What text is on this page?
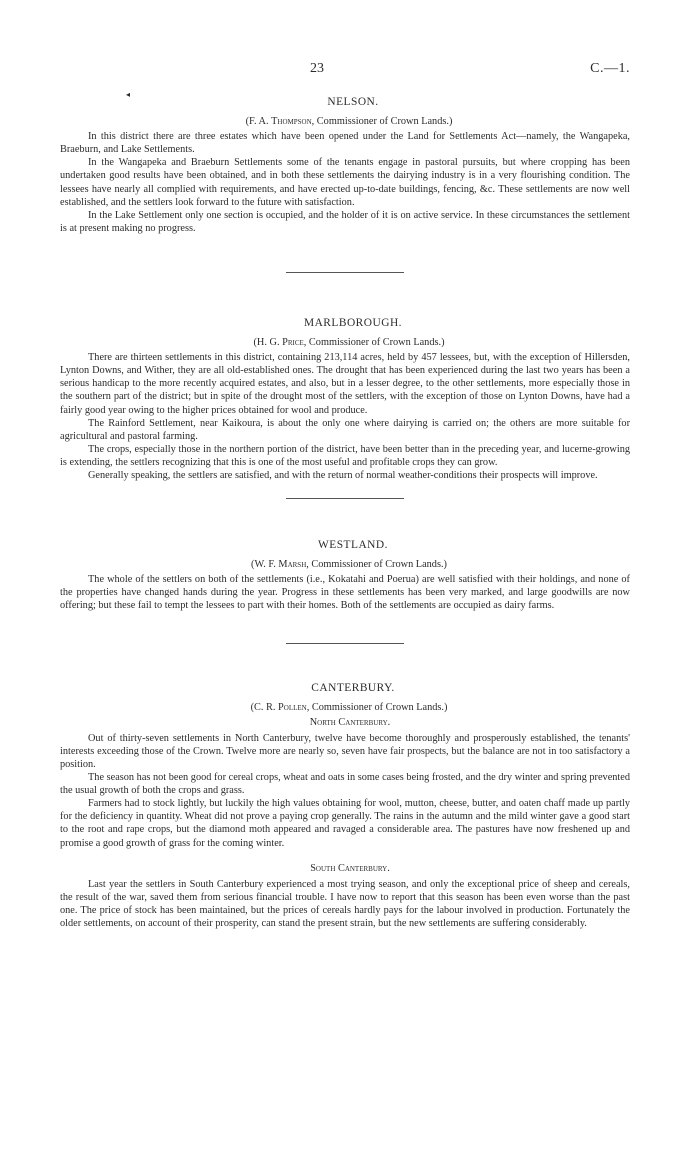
23	C.—1.
◂
NELSON.
(F. A. Thompson, Commissioner of Crown Lands.)

In this district there are three estates which have been opened under the Land for Settlements Act—namely, the Wangapeka, Braeburn, and Lake Settlements.

In the Wangapeka and Braeburn Settlements some of the tenants engage in pastoral pursuits, but where cropping has been undertaken good results have been obtained, and in both these settlements the dairying industry is in a very flourishing condition. The lessees have nearly all complied with requirements, and have erected up-to-date buildings, fencing, &c. These settlements are now well established, and the settlers look forward to the future with satisfaction.

In the Lake Settlement only one section is occupied, and the holder of it is on active service. In these circumstances the settlement is at present making no progress.

MARLBOROUGH.
(H. G. Price, Commissioner of Crown Lands.)

There are thirteen settlements in this district, containing 213,114 acres, held by 457 lessees, but, with the exception of Hillersden, Lynton Downs, and Wither, they are all old-established ones. The drought that has been experienced during the last two years has been a serious handicap to the more recently acquired estates, and also, but in a lesser degree, to the other settlements, more especially those in the southern part of the district; but in spite of the drought most of the settlers, with the exception of those on Lynton Downs, have had a fairly good year owing to the higher prices obtained for wool and produce.

The Rainford Settlement, near Kaikoura, is about the only one where dairying is carried on; the others are more suitable for agricultural and pastoral farming.

The crops, especially those in the northern portion of the district, have been better than in the preceding year, and lucerne-growing is extending, the settlers recognizing that this is one of the most useful and profitable crops they can grow.

Generally speaking, the settlers are satisfied, and with the return of normal weather-conditions their prospects will improve.

WESTLAND.
(W. F. Marsh, Commissioner of Crown Lands.)

The whole of the settlers on both of the settlements (i.e., Kokatahi and Poerua) are well satisfied with their holdings, and none of the properties have changed hands during the year. Progress in these settlements has been very marked, and large goodwills are now offering; but these fail to tempt the lessees to part with their homes. Both of the settlements are occupied as dairy farms.

CANTERBURY.
(C. R. Pollen, Commissioner of Crown Lands.)
North Canterbury.

Out of thirty-seven settlements in North Canterbury, twelve have become thoroughly and prosperously established, the tenants' interests exceeding those of the Crown. Twelve more are nearly so, seven have fair prospects, but the balance are not in too satisfactory a position.

The season has not been good for cereal crops, wheat and oats in some cases being frosted, and the dry winter and spring prevented the usual growth of both the crops and grass.

Farmers had to stock lightly, but luckily the high values obtaining for wool, mutton, cheese, butter, and oaten chaff made up partly for the deficiency in quantity. Wheat did not prove a paying crop generally. The rains in the autumn and the mild winter gave a good start to the root and rape crops, but the diamond moth appeared and ravaged a considerable area. The pastures have now freshened up and promise a good growth of grass for the coming winter.

South Canterbury.

Last year the settlers in South Canterbury experienced a most trying season, and only the exceptional price of sheep and cereals, the result of the war, saved them from serious financial trouble. I have now to report that this season has been even worse than the past one. The price of stock has been maintained, but the prices of cereals hardly pays for the labour involved in production. Fortunately the older settlements, on account of their prosperity, can stand the present strain, but the new settlements are suffering considerably.
